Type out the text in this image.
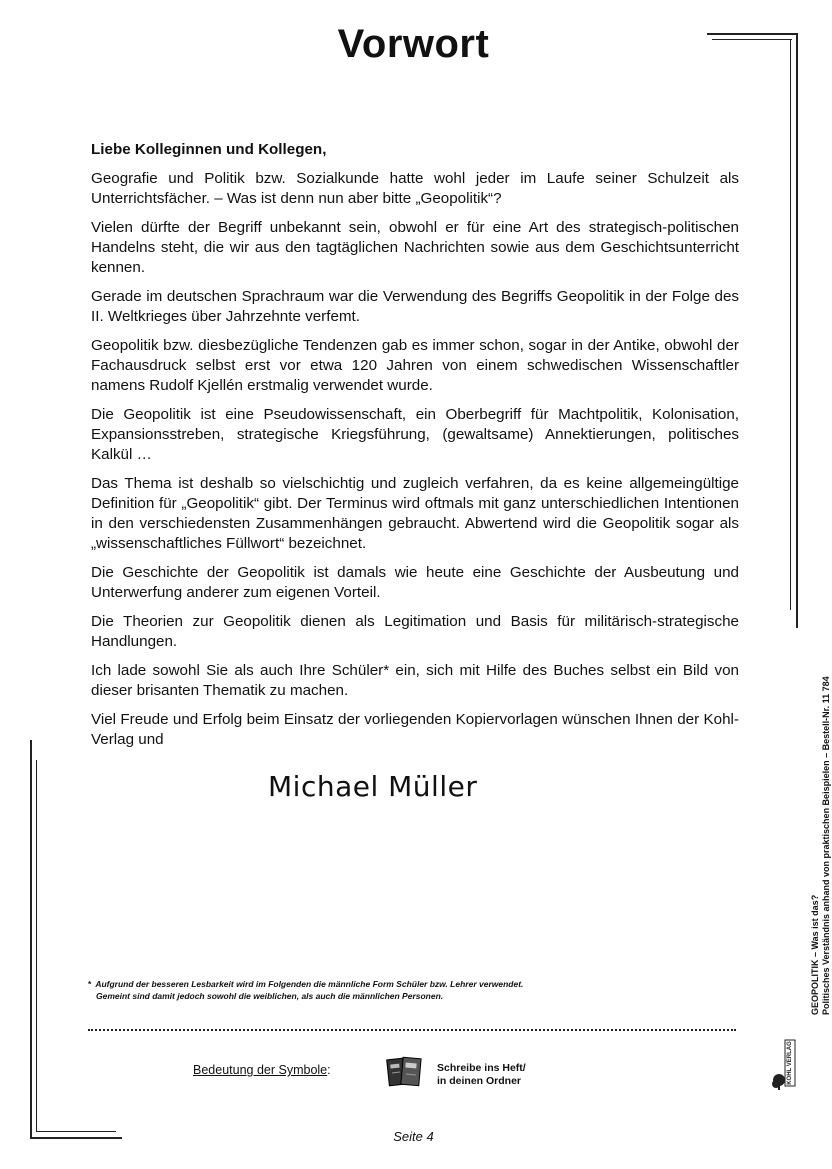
Vorwort

Liebe Kolleginnen und Kollegen,

Geografie und Politik bzw. Sozialkunde hatte wohl jeder im Laufe seiner Schulzeit als Unterrichtsfächer. – Was ist denn nun aber bitte „Geopolitik“?

Vielen dürfte der Begriff unbekannt sein, obwohl er für eine Art des strategisch-politischen Handelns steht, die wir aus den tagtäglichen Nachrichten sowie aus dem Geschichtsunterricht kennen.

Gerade im deutschen Sprachraum war die Verwendung des Begriffs Geopolitik in der Folge des II. Weltkrieges über Jahrzehnte verfemt.

Geopolitik bzw. diesbezügliche Tendenzen gab es immer schon, sogar in der Antike, obwohl der Fachausdruck selbst erst vor etwa 120 Jahren von einem schwedischen Wissenschaftler namens Rudolf Kjellén erstmalig verwendet wurde.

Die Geopolitik ist eine Pseudowissenschaft, ein Oberbegriff für Machtpolitik, Kolonisation, Expansionsstreben, strategische Kriegsführung, (gewaltsame) Annektierungen, politisches Kalkül …

Das Thema ist deshalb so vielschichtig und zugleich verfahren, da es keine allgemeingültige Definition für „Geopolitik“ gibt. Der Terminus wird oftmals mit ganz unterschiedlichen Intentionen in den verschiedensten Zusammenhängen gebraucht. Abwertend wird die Geopolitik sogar als „wissenschaftliches Füllwort“ bezeichnet.

Die Geschichte der Geopolitik ist damals wie heute eine Geschichte der Ausbeutung und Unterwerfung anderer zum eigenen Vorteil.

Die Theorien zur Geopolitik dienen als Legitimation und Basis für militärisch-strategische Handlungen.

Ich lade sowohl Sie als auch Ihre Schüler* ein, sich mit Hilfe des Buches selbst ein Bild von dieser brisanten Thematik zu machen.

Viel Freude und Erfolg beim Einsatz der vorliegenden Kopiervorlagen wünschen Ihnen der Kohl-Verlag und

Michael Müller
* Aufgrund der besseren Lesbarkeit wird im Folgenden die männliche Form Schüler bzw. Lehrer verwendet.
Gemeint sind damit jedoch sowohl die weiblichen, als auch die männlichen Personen.
Bedeutung der Symbole:	Schreibe ins Heft/
in deinen Ordner
GEOPOLITIK – Was ist das? Politisches Verständnis anhand von praktischen Beispielen – Bestell-Nr. 11 784
KOHL VERLAG
Seite 4
